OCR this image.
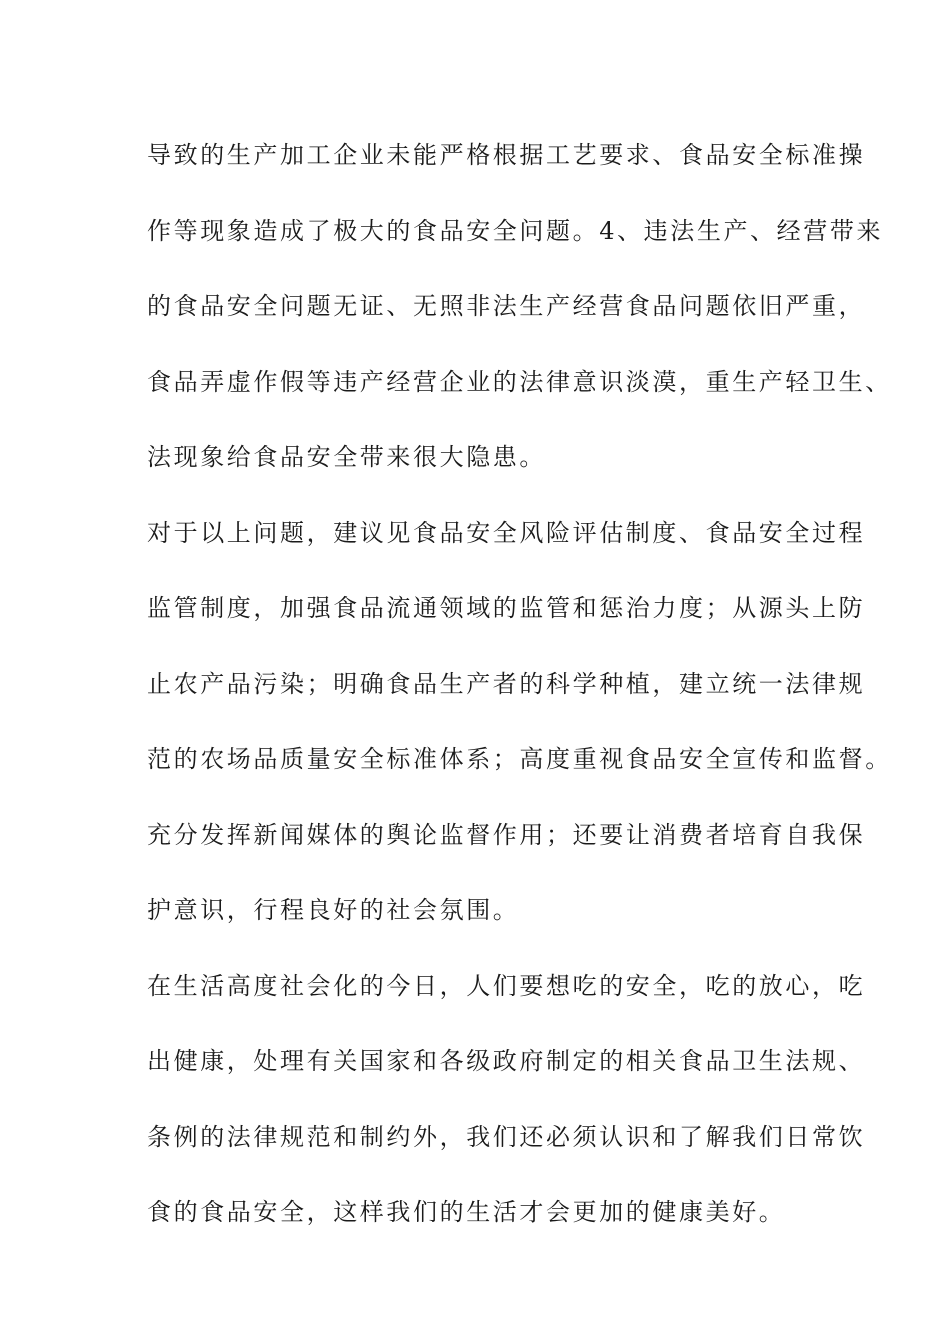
导致的生产加工企业未能严格根据工艺要求、食品安全标准操
作等现象造成了极大的食品安全问题。4、违法生产、经营带来
的食品安全问题无证、无照非法生产经营食品问题依旧严重，
食品弄虚作假等违产经营企业的法律意识淡漠，重生产轻卫生、
法现象给食品安全带来很大隐患。
对于以上问题，建议见食品安全风险评估制度、食品安全过程
监管制度，加强食品流通领域的监管和惩治力度；从源头上防
止农产品污染；明确食品生产者的科学种植，建立统一法律规
范的农场品质量安全标准体系；高度重视食品安全宣传和监督。
充分发挥新闻媒体的舆论监督作用；还要让消费者培育自我保
护意识，行程良好的社会氛围。
在生活高度社会化的今日，人们要想吃的安全，吃的放心，吃
出健康，处理有关国家和各级政府制定的相关食品卫生法规、
条例的法律规范和制约外，我们还必须认识和了解我们日常饮
食的食品安全，这样我们的生活才会更加的健康美好。
